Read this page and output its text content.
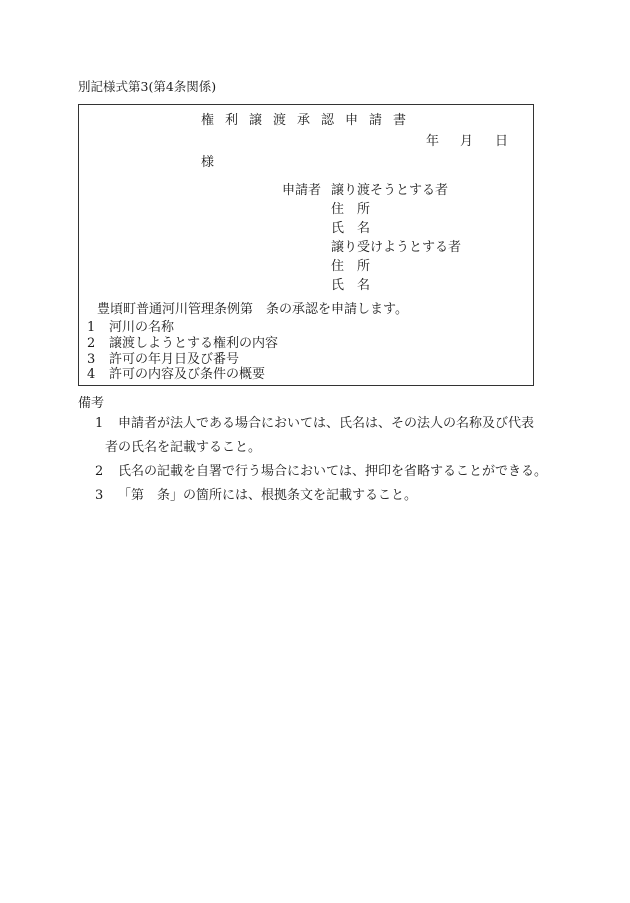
別記様式第3(第4条関係)
権利譲渡承認申請書
年 月 日
様
申請者 譲り渡そうとする者
住　所
氏　名
譲り受けようとする者
住　所
氏　名
豊頃町普通河川管理条例第　条の承認を申請します。
1 河川の名称
2 譲渡しようとする権利の内容
3 許可の年月日及び番号
4 許可の内容及び条件の概要
備考
1 申請者が法人である場合においては、氏名は、その法人の名称及び代表
者の氏名を記載すること。
2 氏名の記載を自署で行う場合においては、押印を省略することができる。
3 「第　条」の箇所には、根拠条文を記載すること。
